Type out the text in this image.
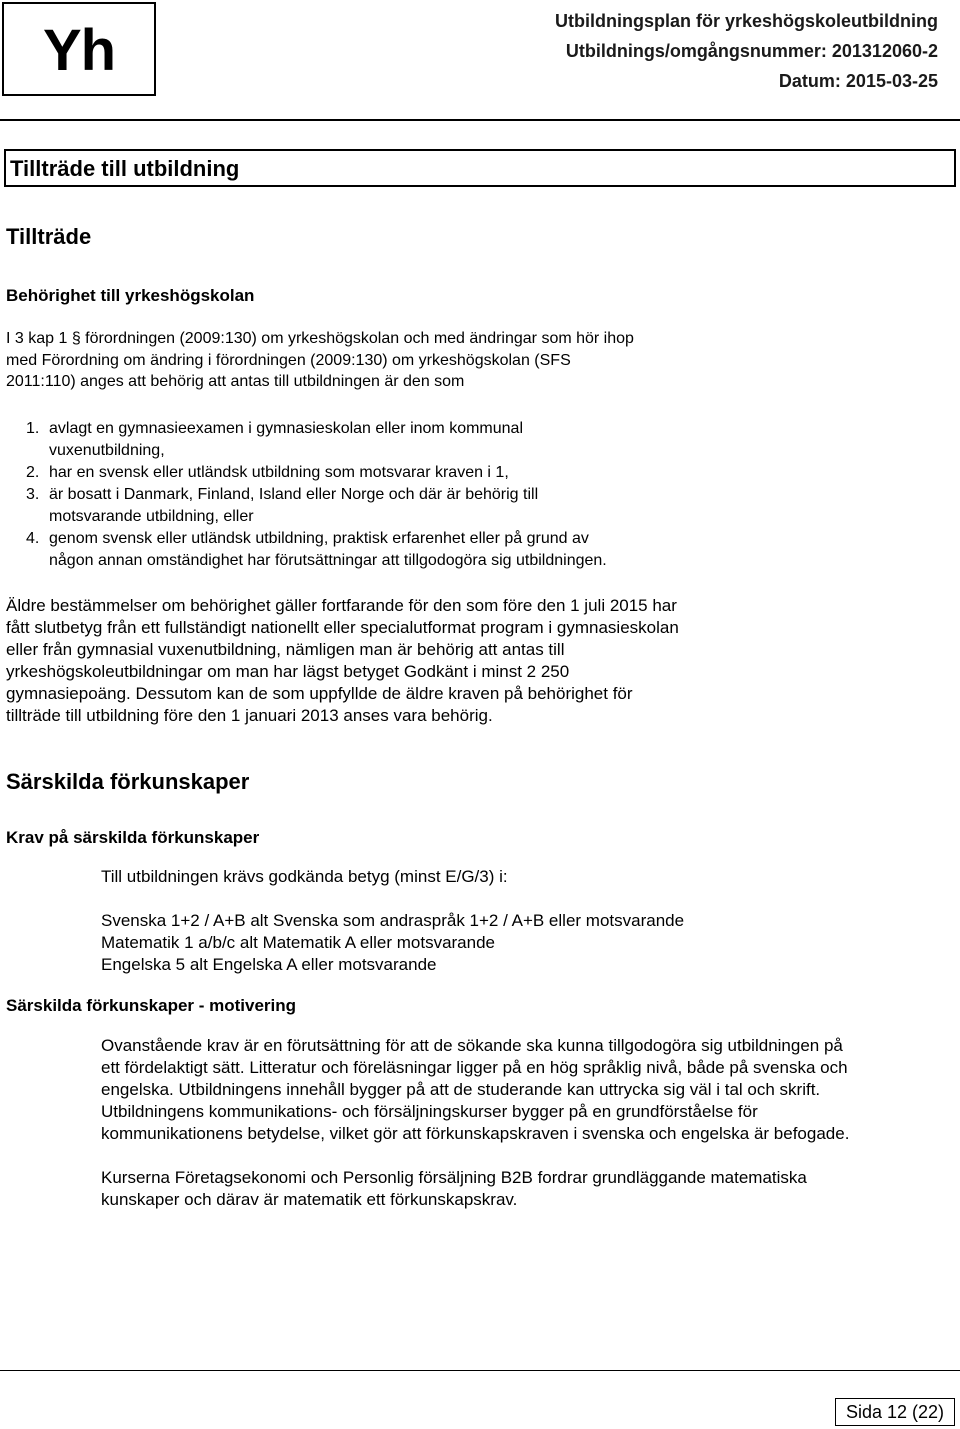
Yh	Utbildningsplan för yrkeshögskoleutbildning
Utbildnings/omgångsnummer: 201312060-2
Datum: 2015-03-25
Tillträde till utbildning
Tillträde
Behörighet till yrkeshögskolan
I 3 kap 1 § förordningen (2009:130) om yrkeshögskolan och med ändringar som hör ihop
med Förordning om ändring i förordningen (2009:130) om yrkeshögskolan (SFS
2011:110) anges att behörig att antas till utbildningen är den som
1. avlagt en gymnasieexamen i gymnasieskolan eller inom kommunal
vuxenutbildning,
2. har en svensk eller utländsk utbildning som motsvarar kraven i 1,
3. är bosatt i Danmark, Finland, Island eller Norge och där är behörig till
motsvarande utbildning, eller
4. genom svensk eller utländsk utbildning, praktisk erfarenhet eller på grund av
någon annan omständighet har förutsättningar att tillgodogöra sig utbildningen.
Äldre bestämmelser om behörighet gäller fortfarande för den som före den 1 juli 2015 har
fått slutbetyg från ett fullständigt nationellt eller specialutformat program i gymnasieskolan
eller från gymnasial vuxenutbildning, nämligen man är behörig att antas till
yrkeshögskoleutbildningar om man har lägst betyget Godkänt i minst 2 250
gymnasiepoäng. Dessutom kan de som uppfyllde de äldre kraven på behörighet för
tillträde till utbildning före den 1 januari 2013 anses vara behörig.
Särskilda förkunskaper
Krav på särskilda förkunskaper
Till utbildningen krävs godkända betyg (minst E/G/3) i:
Svenska 1+2 / A+B alt Svenska som andraspråk 1+2 / A+B eller motsvarande
Matematik 1 a/b/c alt Matematik A eller motsvarande
Engelska 5 alt Engelska A eller motsvarande
Särskilda förkunskaper - motivering
Ovanstående krav är en förutsättning för att de sökande ska kunna tillgodogöra sig utbildningen på
ett fördelaktigt sätt. Litteratur och föreläsningar ligger på en hög språklig nivå, både på svenska och
engelska. Utbildningens innehåll bygger på att de studerande kan uttrycka sig väl i tal och skrift.
Utbildningens kommunikations- och försäljningskurser bygger på en grundförståelse för
kommunikationens betydelse, vilket gör att förkunskapskraven i svenska och engelska är befogade.
Kurserna Företagsekonomi och Personlig försäljning B2B fordrar grundläggande matematiska
kunskaper och därav är matematik ett förkunskapskrav.
Sida 12 (22)
